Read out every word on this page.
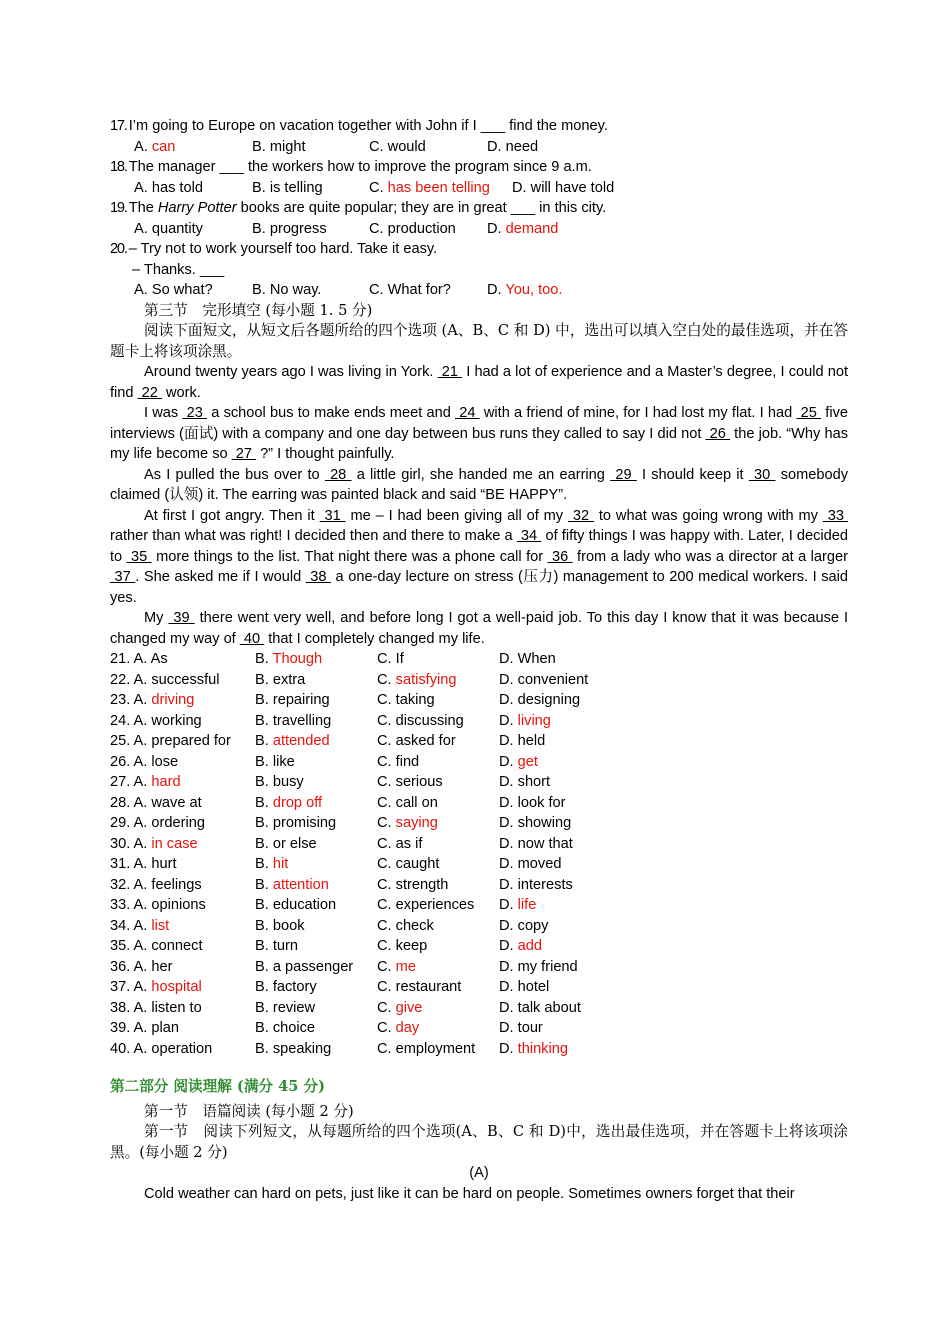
17. I’m going to Europe on vacation together with John if I ___ find the money.
A. can	B. might	C. would	D. need
18. The manager ___ the workers how to improve the program since 9 a.m.
A. has told	B. is telling	C. has been telling D. will have told
19. The Harry Potter books are quite popular; they are in great ___ in this city.
A. quantity	B. progress	C. production D. demand
20. – Try not to work yourself too hard. Take it easy.
– Thanks. ___
A. So what?	B. No way.	C. What for? D. You, too.
第三节　完形填空 (每小题 1. 5 分)

阅读下面短文，从短文后各题所给的四个选项 (A、B、C 和 D) 中，选出可以填入空白处的最佳选项，并在答题卡上将该项涂黑。

Around twenty years ago I was living in York.  21  I had a lot of experience and a Master’s degree, I could not find  22  work.

I was  23  a school bus to make ends meet and  24  with a friend of mine, for I had lost my flat. I had  25  five interviews (面试) with a company and one day between bus runs they called to say I did not  26  the job. “Why has my life become so  27  ?” I thought painfully.

As I pulled the bus over to  28  a little girl, she handed me an earring  29  I should keep it  30  somebody claimed (认领) it. The earring was painted black and said “BE HAPPY”.

At first I got angry. Then it  31  me – I had been giving all of my  32  to what was going wrong with my  33  rather than what was right! I decided then and there to make a  34  of fifty things I was happy with. Later, I decided to  35  more things to the list. That night there was a phone call for  36  from a lady who was a director at a larger  37 . She asked me if I would  38  a one-day lecture on stress (压力) management to 200 medical workers. I said yes.

My  39  there went very well, and before long I got a well-paid job. To this day I know that it was because I changed my way of  40  that I completely changed my life.

21. A. As	B. Though	C. If	D. When
22. A. successful B. extra	C. satisfying	D. convenient
23. A. driving	B. repairing	C. taking	D. designing
24. A. working	B. travelling	C. discussing D. living
25. A. prepared for B. attended	C. asked for	D. held
26. A. lose	B. like	C. find	D. get
27. A. hard	B. busy	C. serious	D. short
28. A. wave at	B. drop off	C. call on	D. look for
29. A. ordering	B. promising	C. saying	D. showing
30. A. in case	B. or else	C. as if	D. now that
31. A. hurt	B. hit	C. caught	D. moved
32. A. feelings	B. attention	C. strength	D. interests
33. A. opinions	B. education	C. experiences D. life
34. A. list	B. book	C. check	D. copy
35. A. connect	B. turn	C. keep	D. add
36. A. her	B. a passenger C. me	D. my friend
37. A. hospital	B. factory	C. restaurant	D. hotel
38. A. listen to	B. review	C. give	D. talk about
39. A. plan	B. choice	C. day	D. tour
40. A. operation	B. speaking	C. employment D. thinking
第二部分 阅读理解 (满分 45 分)
第一节　语篇阅读 (每小题 2 分)

第一节　阅读下列短文，从每题所给的四个选项(A、B、C 和 D)中，选出最佳选项，并在答题卡上将该项涂黑。(每小题 2 分)

(A)

Cold weather can hard on pets, just like it can be hard on people. Sometimes owners forget that their
